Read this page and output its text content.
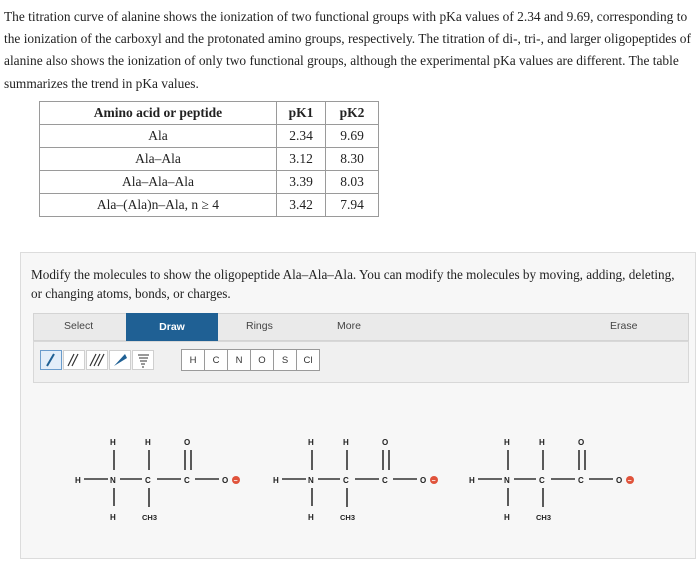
The titration curve of alanine shows the ionization of two functional groups with pKa values of 2.34 and 9.69, corresponding to the ionization of the carboxyl and the protonated amino groups, respectively. The titration of di-, tri-, and larger oligopeptides of alanine also shows the ionization of only two functional groups, although the experimental pKa values are different. The table summarizes the trend in pKa values.
Amino acid or peptide	pK1	pK2
Ala	2.34	9.69
Ala–Ala	3.12	8.30
Ala–Ala–Ala	3.39	8.03
Ala–(Ala)n–Ala, n ≥ 4	3.42	7.94
Modify the molecules to show the oligopeptide Ala–Ala–Ala. You can modify the molecules by moving, adding, deleting, or changing atoms, bonds, or charges.
Select	Draw	Rings	More	Erase
H	C	N	O	S	Cl
H	N
H
H
C
H
CH3
C
O
O −	H	N
H
H
C
H
CH3
C
O
O −	H	N
H
H
C
H
CH3
C
O
O −
